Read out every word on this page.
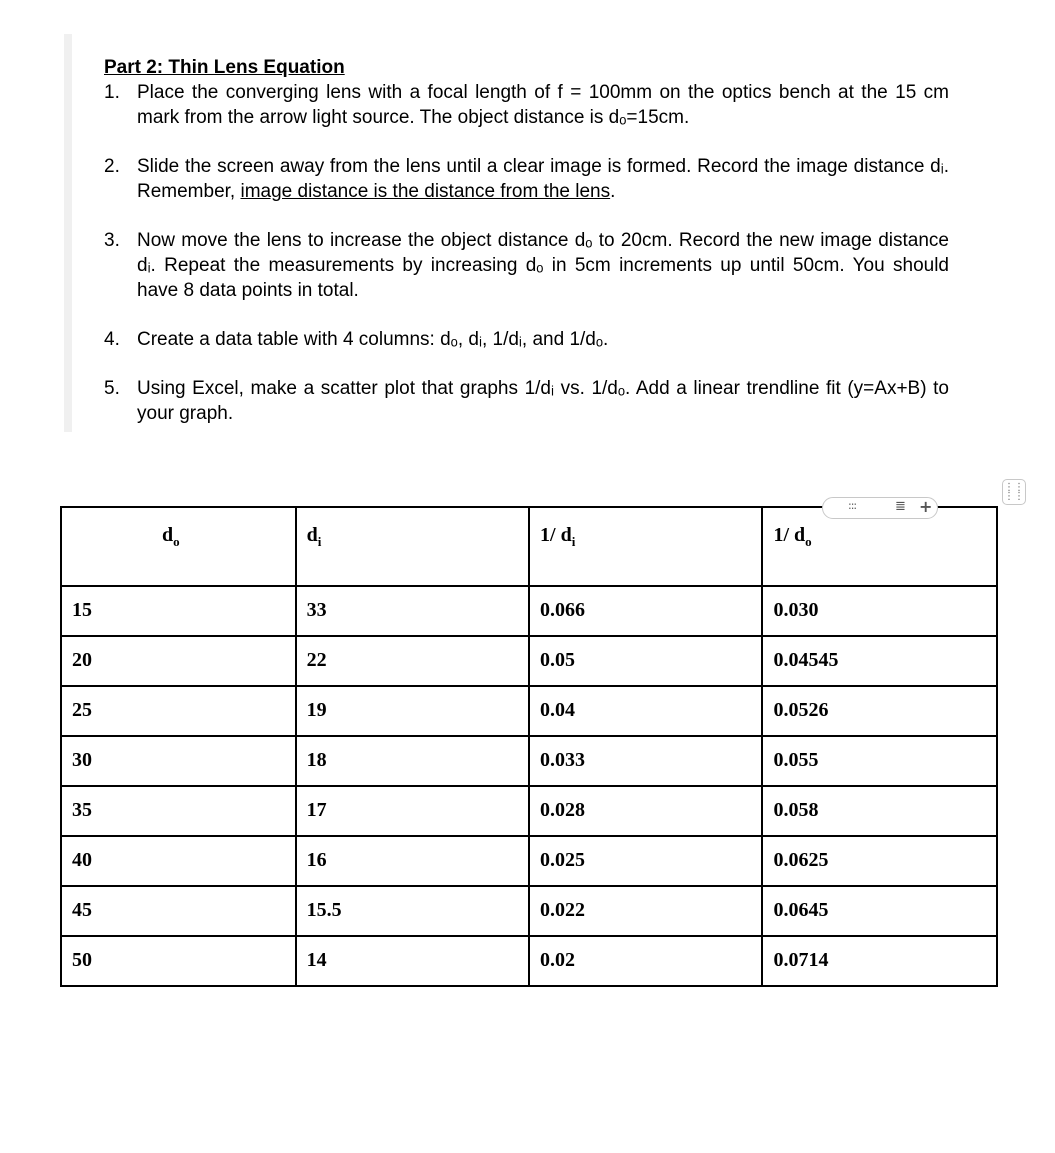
Part 2: Thin Lens Equation

1. Place the converging lens with a focal length of f = 100mm on the optics bench at the 15 cm mark from the arrow light source. The object distance is dₒ=15cm.
2. Slide the screen away from the lens until a clear image is formed. Record the image distance dᵢ. Remember, image distance is the distance from the lens.
3. Now move the lens to increase the object distance dₒ to 20cm. Record the new image distance dᵢ. Repeat the measurements by increasing dₒ in 5cm increments up until 50cm. You should have 8 data points in total.
4. Create a data table with 4 columns: dₒ, dᵢ, 1/dᵢ, and 1/dₒ.
5. Using Excel, make a scatter plot that graphs 1/dᵢ vs. 1/dₒ. Add a linear trendline fit (y=Ax+B) to your graph.
⋮⋮
⋮⋮
$d_o$	$d_i$	1/ $d_i$	1/ $d_o$
15	33	0.066	0.030
20	22	0.05	0.04545
25	19	0.04	0.0526
30	18	0.033	0.055
35	17	0.028	0.058
40	16	0.025	0.0625
45	15.5	0.022	0.0645
50	14	0.02	0.0714
:::	≣ +
